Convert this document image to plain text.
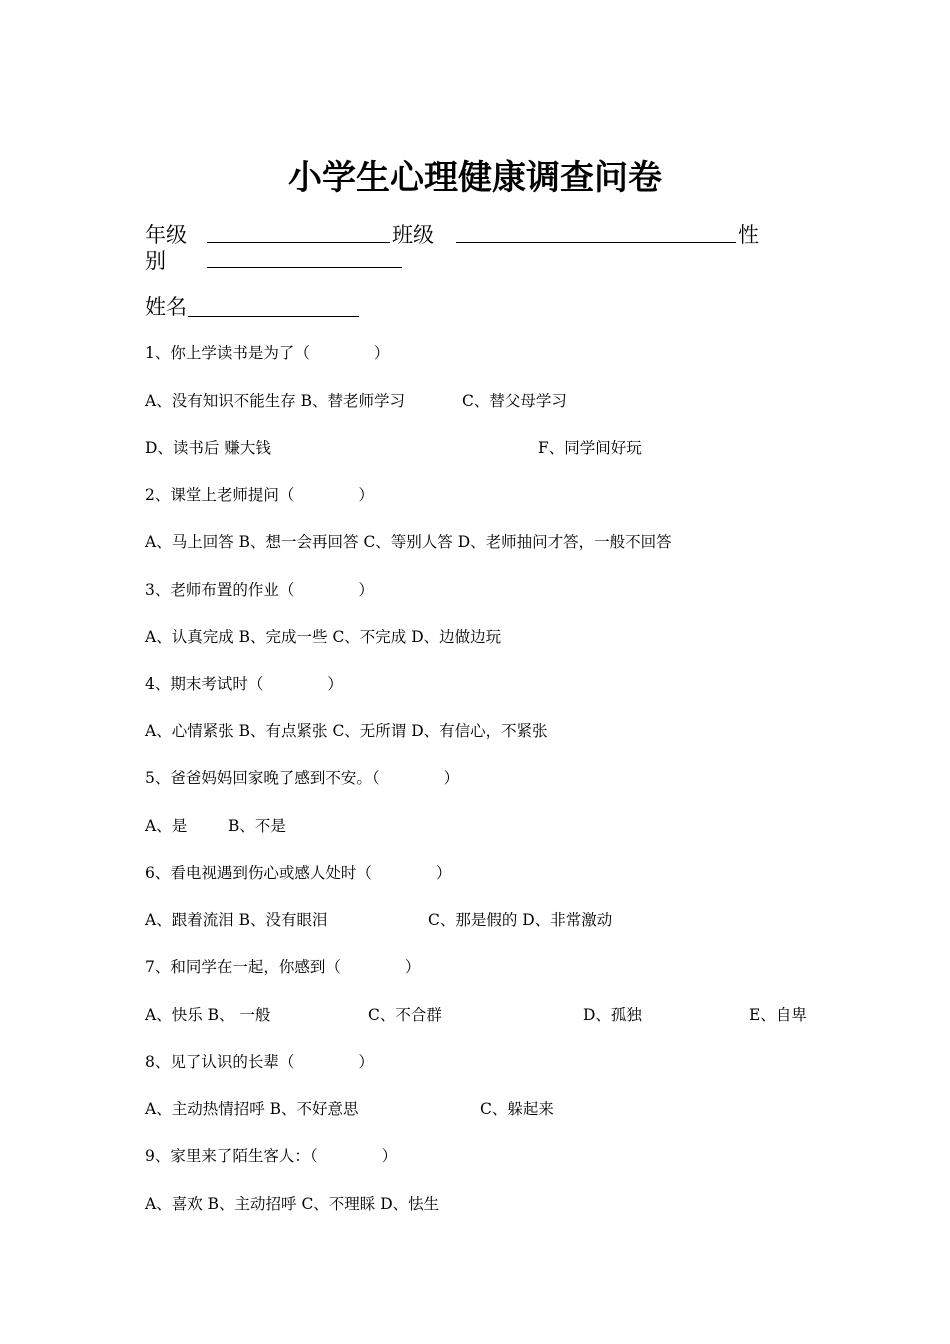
小学生心理健康调查问卷
年级	班级	性
别
姓名
1、你上学读书是为了（	）
A、没有知识不能生存 B、替老师学习	C、替父母学习
D、读书后 赚大钱	F、同学间好玩
2、课堂上老师提问（	）
A、马上回答 B、想一会再回答 C、等别人答 D、老师抽问才答，一般不回答
3、老师布置的作业（	）
A、认真完成 B、完成一些 C、不完成 D、边做边玩
4、期末考试时（	）
A、心情紧张 B、有点紧张 C、无所谓 D、有信心，不紧张
5、爸爸妈妈回家晚了感到不安。（	）
A、是	B、不是
6、看电视遇到伤心或感人处时（	）
A、跟着流泪 B、没有眼泪	C、那是假的 D、非常激动
7、和同学在一起，你感到（	）
A、快乐 B、 一般	C、不合群	D、孤独	E、自卑
8、见了认识的长辈（	）
A、主动热情招呼 B、不好意思	C、躲起来
9、家里来了陌生客人：（	）
A、喜欢 B、主动招呼 C、不理睬 D、怯生
